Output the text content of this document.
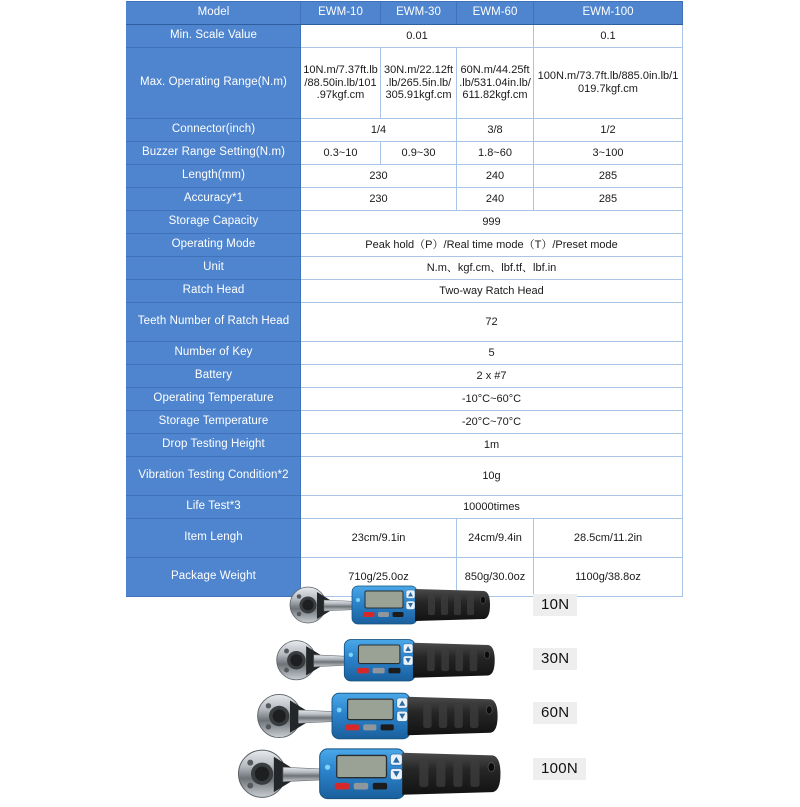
Model	EWM-10	EWM-30	EWM-60	EWM-100
Min. Scale Value	0.01			0.1
Max. Operating Range(N.m)	10N.m/7.37ft.lb/88.50in.lb/101.97kgf.cm	30N.m/22.12ft.lb/265.5in.lb/305.91kgf.cm	60N.m/44.25ft.lb/531.04in.lb/611.82kgf.cm	100N.m/73.7ft.lb/885.0in.lb/1019.7kgf.cm
Connector(inch)	1/4		3/8	1/2
Buzzer Range Setting(N.m)	0.3~10	0.9~30	1.8~60	3~100
Length(mm)	230		240	285
Accuracy*1	230		240	285
Storage Capacity	999			
Operating Mode	Peak hold（P）/Real time mode（T）/Preset mode			
Unit	N.m、kgf.cm、lbf.tf、lbf.in			
Ratch Head	Two-way Ratch Head			
Teeth Number of Ratch Head	72			
Number of Key	5			
Battery	2 x #7			
Operating Temperature	-10°C~60°C			
Storage Temperature	-20°C~70°C			
Drop Testing Height	1m			
Vibration Testing Condition*2	10g			
Life Test*3	10000times			
Item Lengh	23cm/9.1in		24cm/9.4in	28.5cm/11.2in
Package Weight	710g/25.0oz		850g/30.0oz	1100g/38.8oz
10N
30N
60N
100N
